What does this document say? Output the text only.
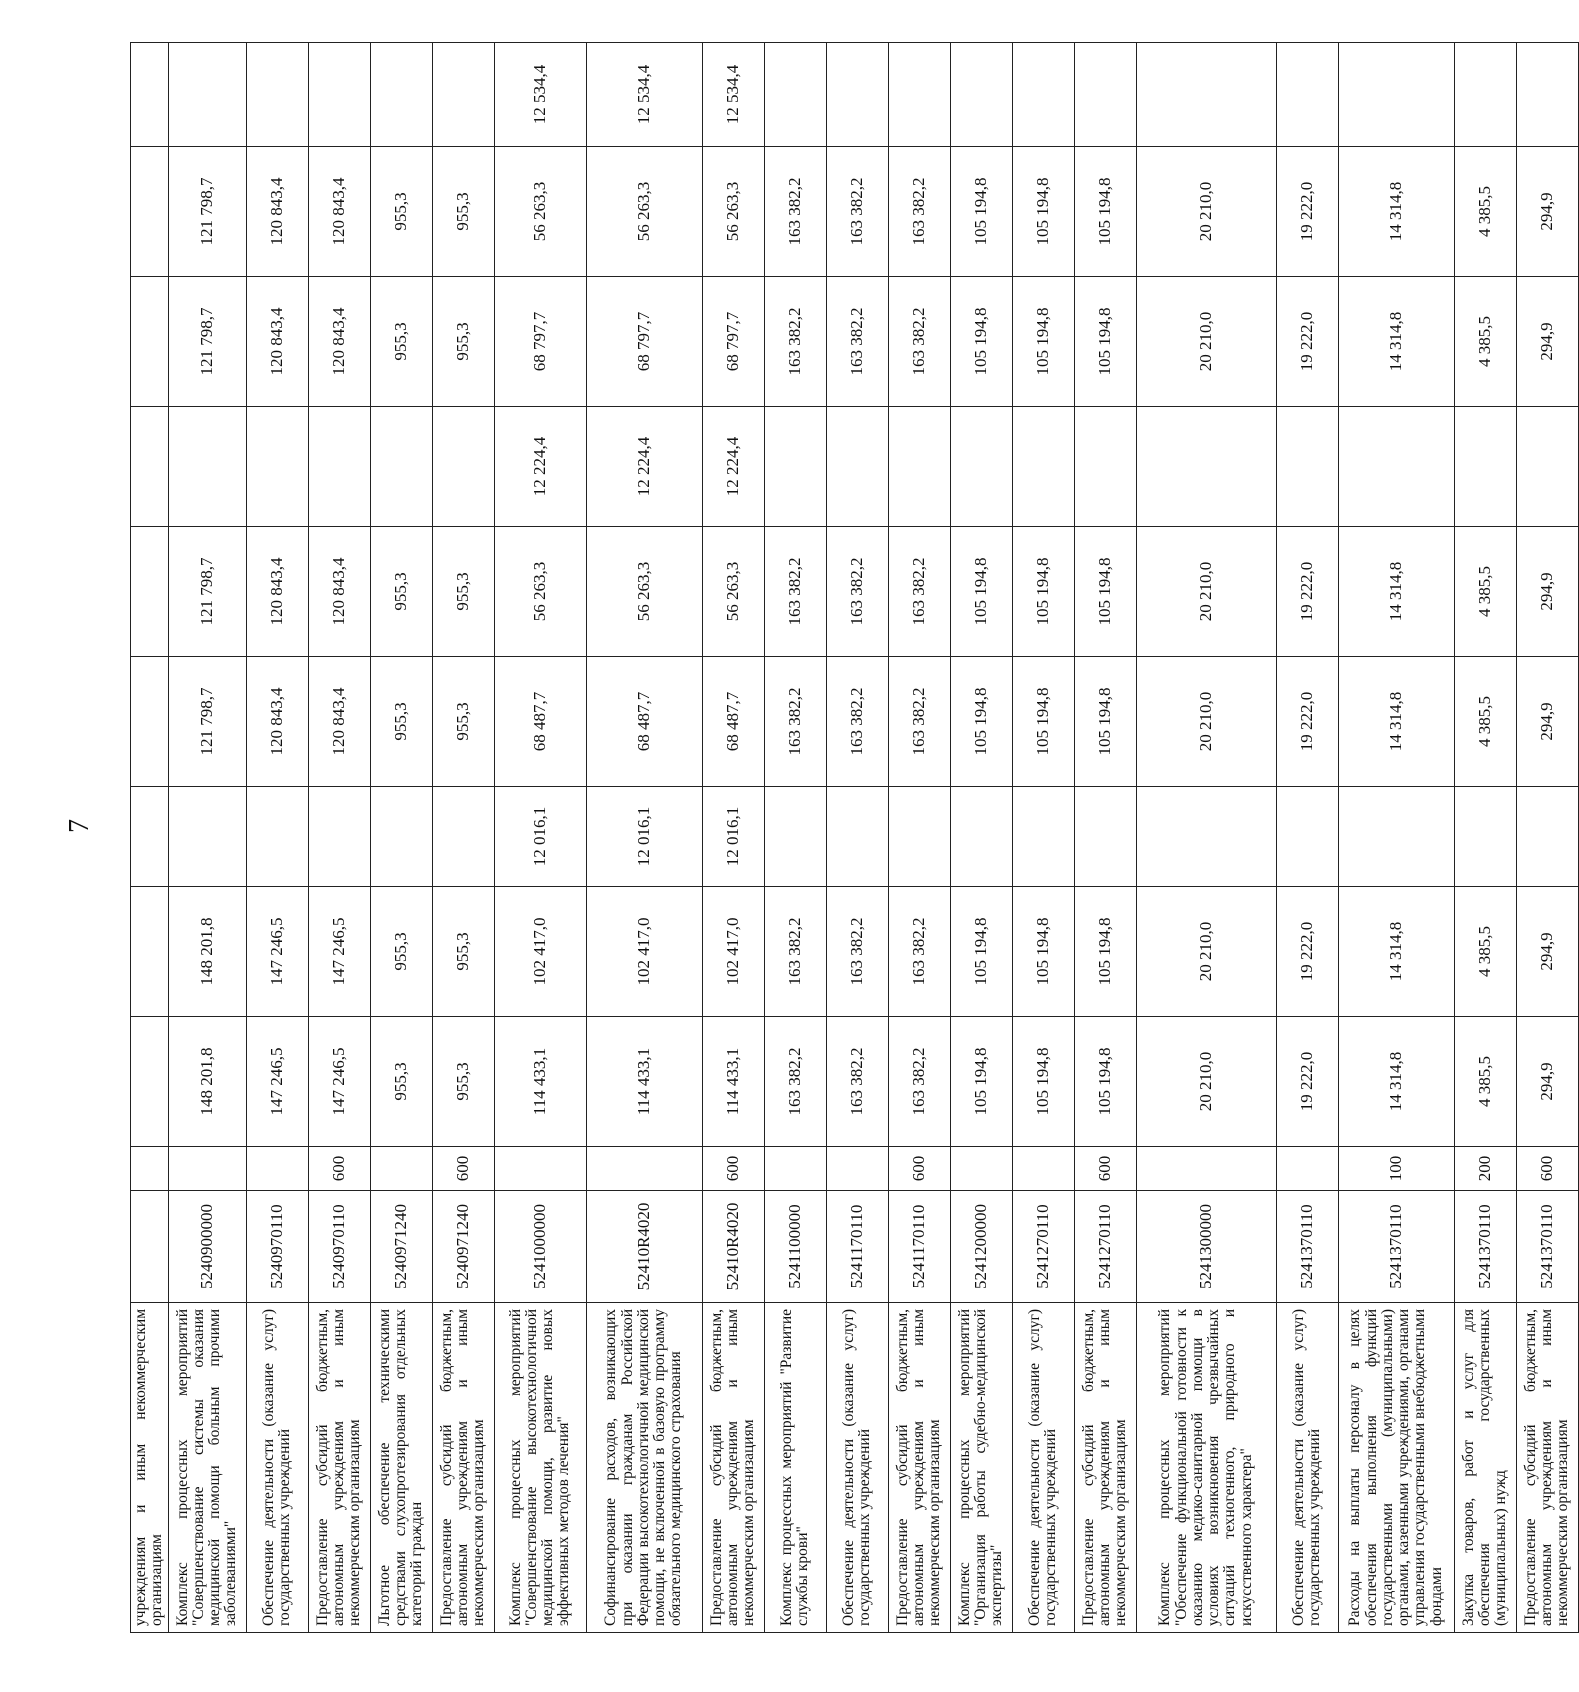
7
учреждениям и иным некоммерческим организациям											
Комплекс процессных мероприятий "Совершенствование системы оказания медицинской помощи больным прочими заболеваниями"	5240900000		148 201,8	148 201,8		121 798,7	121 798,7		121 798,7	121 798,7	
Обеспечение деятельности (оказание услуг) государственных учреждений	5240970110		147 246,5	147 246,5		120 843,4	120 843,4		120 843,4	120 843,4	
Предоставление субсидий бюджетным, автономным учреждениям и иным некоммерческим организациям	5240970110	600	147 246,5	147 246,5		120 843,4	120 843,4		120 843,4	120 843,4	
Льготное обеспечение техническими средствами слухопротезирования отдельных категорий граждан	5240971240		955,3	955,3		955,3	955,3		955,3	955,3	
Предоставление субсидий бюджетным, автономным учреждениям и иным некоммерческим организациям	5240971240	600	955,3	955,3		955,3	955,3		955,3	955,3	
Комплекс процессных мероприятий "Совершенствование высокотехнологичной медицинской помощи, развитие новых эффективных методов лечения"	5241000000		114 433,1	102 417,0	12 016,1	68 487,7	56 263,3	12 224,4	68 797,7	56 263,3	12 534,4
Софинансирование расходов, возникающих при оказании гражданам Российской Федерации высокотехнологичной медицинской помощи, не включенной в базовую программу обязательного медицинского страхования	52410R4020		114 433,1	102 417,0	12 016,1	68 487,7	56 263,3	12 224,4	68 797,7	56 263,3	12 534,4
Предоставление субсидий бюджетным, автономным учреждениям и иным некоммерческим организациям	52410R4020	600	114 433,1	102 417,0	12 016,1	68 487,7	56 263,3	12 224,4	68 797,7	56 263,3	12 534,4
Комплекс процессных мероприятий "Развитие службы крови"	5241100000		163 382,2	163 382,2		163 382,2	163 382,2		163 382,2	163 382,2	
Обеспечение деятельности (оказание услуг) государственных учреждений	5241170110		163 382,2	163 382,2		163 382,2	163 382,2		163 382,2	163 382,2	
Предоставление субсидий бюджетным, автономным учреждениям и иным некоммерческим организациям	5241170110	600	163 382,2	163 382,2		163 382,2	163 382,2		163 382,2	163 382,2	
Комплекс процессных мероприятий "Организация работы судебно-медицинской экспертизы"	5241200000		105 194,8	105 194,8		105 194,8	105 194,8		105 194,8	105 194,8	
Обеспечение деятельности (оказание услуг) государственных учреждений	5241270110		105 194,8	105 194,8		105 194,8	105 194,8		105 194,8	105 194,8	
Предоставление субсидий бюджетным, автономным учреждениям и иным некоммерческим организациям	5241270110	600	105 194,8	105 194,8		105 194,8	105 194,8		105 194,8	105 194,8	
Комплекс процессных мероприятий "Обеспечение функциональной готовности к оказанию медико-санитарной помощи в условиях возникновения чрезвычайных ситуаций техногенного, природного и искусственного характера"	5241300000		20 210,0	20 210,0		20 210,0	20 210,0		20 210,0	20 210,0	
Обеспечение деятельности (оказание услуг) государственных учреждений	5241370110		19 222,0	19 222,0		19 222,0	19 222,0		19 222,0	19 222,0	
Расходы на выплаты персоналу в целях обеспечения выполнения функций государственными (муниципальными) органами, казенными учреждениями, органами управления государственными внебюджетными фондами	5241370110	100	14 314,8	14 314,8		14 314,8	14 314,8		14 314,8	14 314,8	
Закупка товаров, работ и услуг для обеспечения государственных (муниципальных) нужд	5241370110	200	4 385,5	4 385,5		4 385,5	4 385,5		4 385,5	4 385,5	
Предоставление субсидий бюджетным, автономным учреждениям и иным некоммерческим организациям	5241370110	600	294,9	294,9		294,9	294,9		294,9	294,9	
